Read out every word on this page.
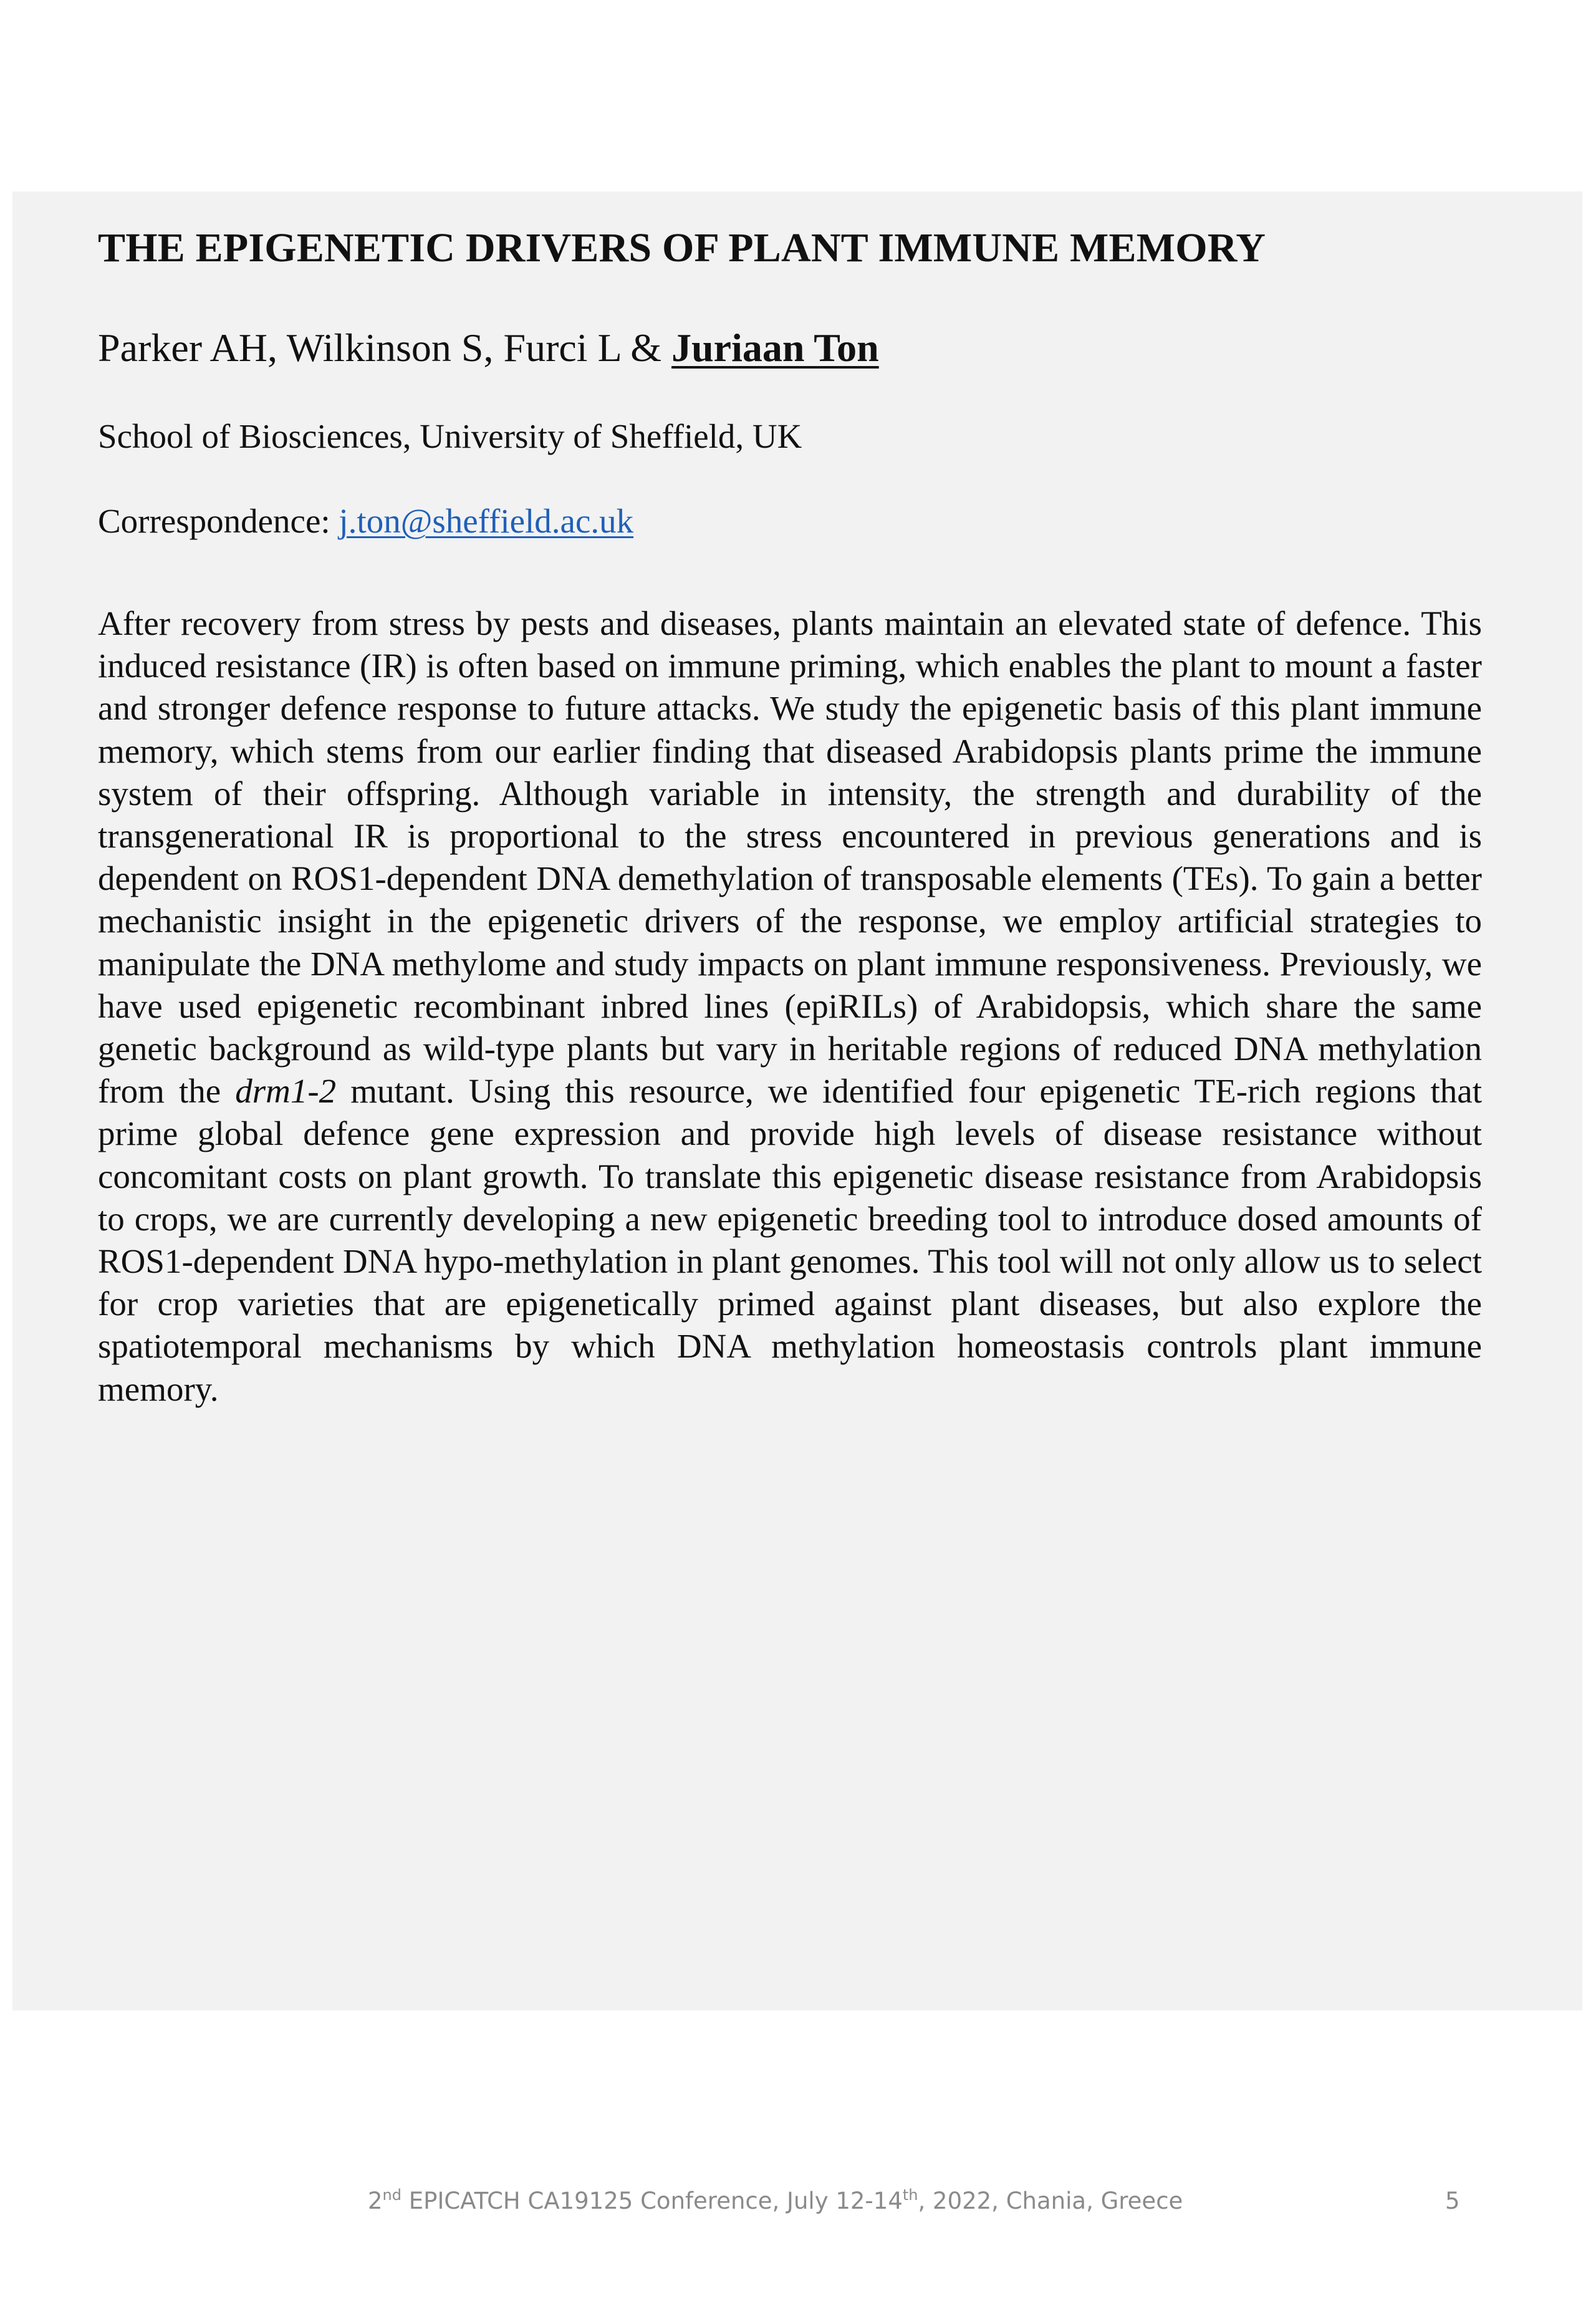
THE EPIGENETIC DRIVERS OF PLANT IMMUNE MEMORY

Parker AH, Wilkinson S, Furci L & Juriaan Ton

School of Biosciences, University of Sheffield, UK

Correspondence: j.ton@sheffield.ac.uk

After recovery from stress by pests and diseases, plants maintain an elevated state of defence. This induced resistance (IR) is often based on immune priming, which enables the plant to mount a faster and stronger defence response to future attacks. We study the epigenetic basis of this plant immune memory, which stems from our earlier finding that diseased Arabidopsis plants prime the immune system of their offspring. Although variable in intensity, the strength and durability of the transgenerational IR is proportional to the stress encountered in previous generations and is dependent on ROS1-dependent DNA demethylation of transposable elements (TEs). To gain a better mechanistic insight in the epigenetic drivers of the response, we employ artificial strategies to manipulate the DNA methylome and study impacts on plant immune responsiveness. Previously, we have used epigenetic recombinant inbred lines (epiRILs) of Arabidopsis, which share the same genetic background as wild-type plants but vary in heritable regions of reduced DNA methylation from the drm1-2 mutant. Using this resource, we identified four epigenetic TE-rich regions that prime global defence gene expression and provide high levels of disease resistance without concomitant costs on plant growth. To translate this epigenetic disease resistance from Arabidopsis to crops, we are currently developing a new epigenetic breeding tool to introduce dosed amounts of ROS1-dependent DNA hypo-methylation in plant genomes. This tool will not only allow us to select for crop varieties that are epigenetically primed against plant diseases, but also explore the spatiotemporal mechanisms by which DNA methylation homeostasis controls plant immune memory.

2nd EPICATCH CA19125 Conference, July 12-14th, 2022, Chania, Greece	5
